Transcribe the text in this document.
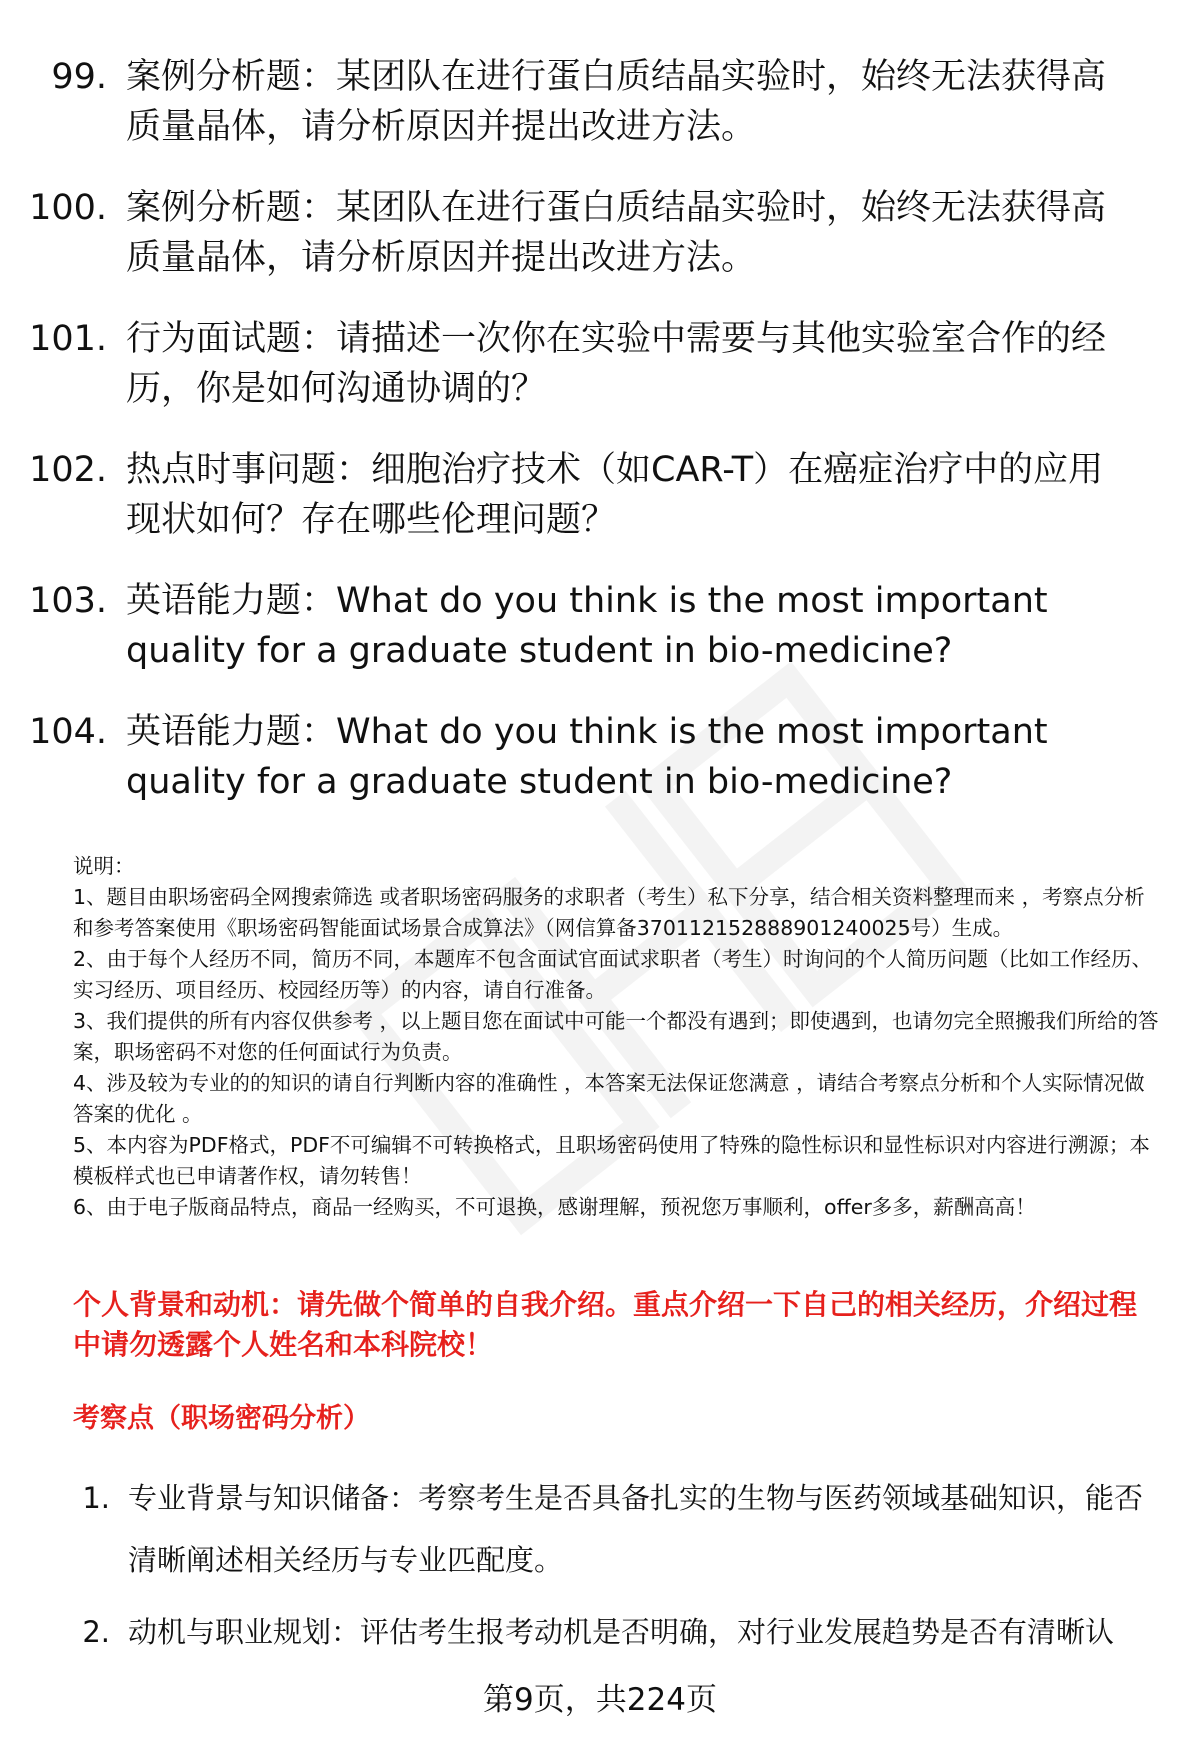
99. 案例分析题：某团队在进行蛋白质结晶实验时，始终无法获得高质量晶体，请分析原因并提出改进方法。
100. 案例分析题：某团队在进行蛋白质结晶实验时，始终无法获得高质量晶体，请分析原因并提出改进方法。
101. 行为面试题：请描述一次你在实验中需要与其他实验室合作的经历，你是如何沟通协调的？
102. 热点时事问题：细胞治疗技术（如CAR-T）在癌症治疗中的应用现状如何？存在哪些伦理问题？
103. 英语能力题：What do you think is the most important quality for a graduate student in bio-medicine?
104. 英语能力题：What do you think is the most important quality for a graduate student in bio-medicine?

说明：

1、题目由职场密码全网搜索筛选 或者职场密码服务的求职者（考生）私下分享，结合相关资料整理而来 ，考察点分析和参考答案使用《职场密码智能面试场景合成算法》（网信算备370112152888901240025号）生成。

2、由于每个人经历不同，简历不同，本题库不包含面试官面试求职者（考生）时询问的个人简历问题（比如工作经历、实习经历、项目经历、校园经历等）的内容，请自行准备。

3、我们提供的所有内容仅供参考 ，以上题目您在面试中可能一个都没有遇到；即使遇到，也请勿完全照搬我们所给的答案，职场密码不对您的任何面试行为负责。

4、涉及较为专业的的知识的请自行判断内容的准确性 ，本答案无法保证您满意 ，请结合考察点分析和个人实际情况做答案的优化 。

5、本内容为PDF格式，PDF不可编辑不可转换格式，且职场密码使用了特殊的隐性标识和显性标识对内容进行溯源；本模板样式也已申请著作权，请勿转售！

6、由于电子版商品特点，商品一经购买，不可退换，感谢理解，预祝您万事顺利，offer多多，薪酬高高！

个人背景和动机：请先做个简单的自我介绍。重点介绍一下自己的相关经历，介绍过程中请勿透露个人姓名和本科院校！

考察点（职场密码分析）

1. 专业背景与知识储备：考察考生是否具备扎实的生物与医药领域基础知识，能否清晰阐述相关经历与专业匹配度。
2. 动机与职业规划：评估考生报考动机是否明确，对行业发展趋势是否有清晰认
第9页，共224页
